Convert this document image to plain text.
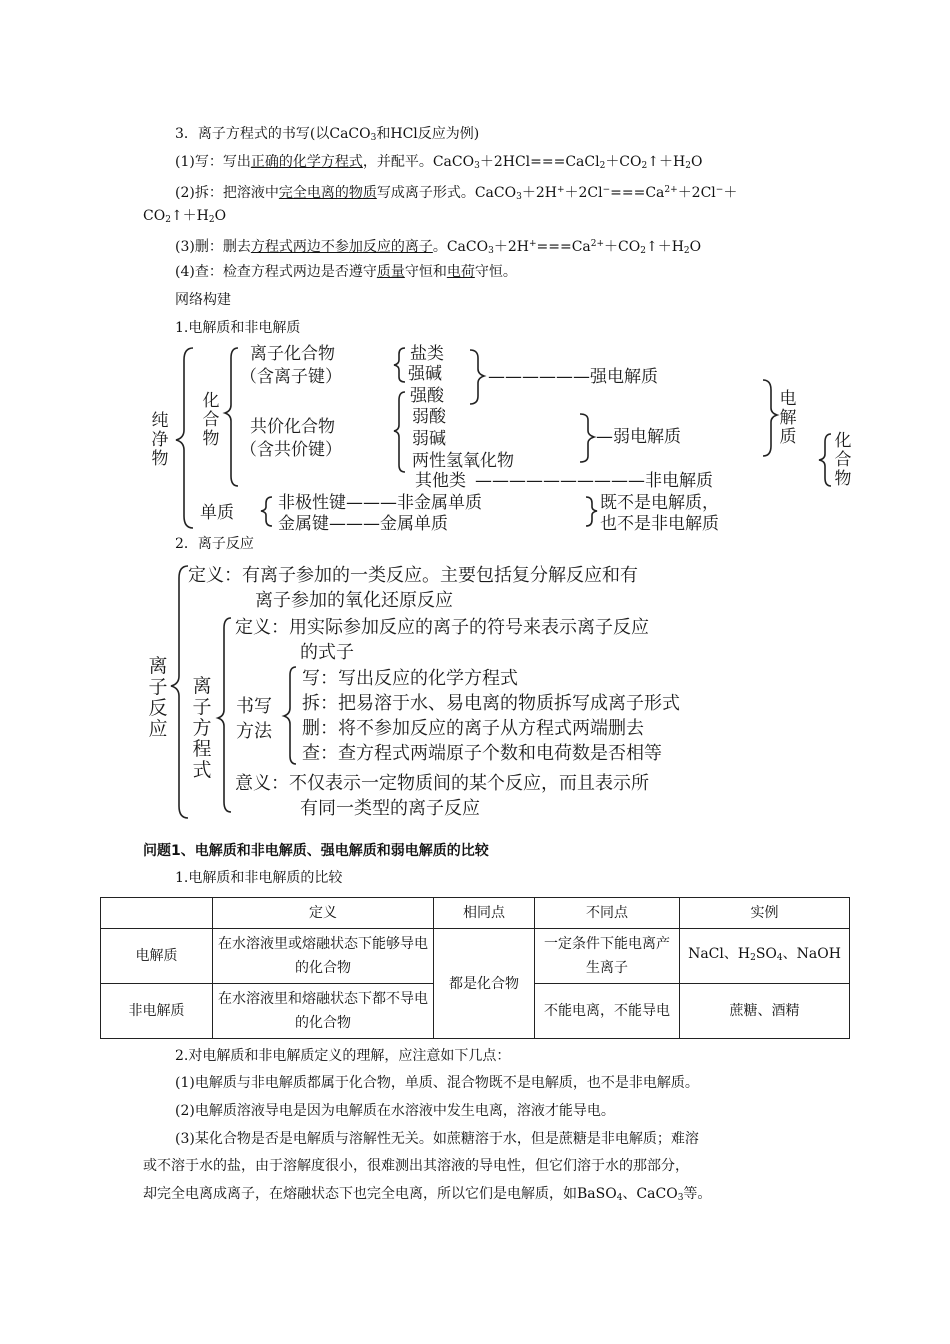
3．离子方程式的书写(以CaCO$_3$和HCl反应为例)
(1)写：写出正确的化学方程式，并配平。$CaCO_3+2HCl===CaCl_2+CO_2↑+H_2O$
(2)拆：把溶液中完全电离的物质写成离子形式。$CaCO_3+2H^++2Cl^-===Ca^{2+}+2Cl^-+$
$CO_2↑+H_2O$
(3)删：删去方程式两边不参加反应的离子。$CaCO_3+2H^+===Ca^{2+}+CO_2↑+H_2O$
(4)查：检查方程式两边是否遵守质量守恒和电荷守恒。
网络构建
1.电解质和非电解质
纯净物
化合物
离子化合物
（含离子键）
盐类
强碱	——————强电解质
强酸
共价化合物
（含共价键）
弱酸
弱碱	—弱电解质
两性氢氧化物
其他类 ——————————非电解质
电解质 化合物
单质	非极性键———非金属单质
金属键———金属单质
既不是电解质，
也不是非电解质
2．离子反应
离子反应
定义：有离子参加的一类反应。主要包括复分解反应和有
离子参加的氧化还原反应
离子方程式
定义：用实际参加反应的离子的符号来表示离子反应
的式子
书写
方法
写：写出反应的化学方程式
拆：把易溶于水、易电离的物质拆写成离子形式
删：将不参加反应的离子从方程式两端删去
查：查方程式两端原子个数和电荷数是否相等
意义：不仅表示一定物质间的某个反应，而且表示所
有同一类型的离子反应
问题1、电解质和非电解质、强电解质和弱电解质的比较
1.电解质和非电解质的比较
	定义	相同点	不同点	实例
电解质	在水溶液里或熔融状态下能够导电的化合物	都是化合物	一定条件下能电离产生离子	NaCl、$H_2SO_4$、NaOH
非电解质	在水溶液里和熔融状态下都不导电的化合物		不能电离，不能导电	蔗糖、酒精
2.对电解质和非电解质定义的理解，应注意如下几点：
(1)电解质与非电解质都属于化合物，单质、混合物既不是电解质，也不是非电解质。
(2)电解质溶液导电是因为电解质在水溶液中发生电离，溶液才能导电。
(3)某化合物是否是电解质与溶解性无关。如蔗糖溶于水，但是蔗糖是非电解质；难溶
或不溶于水的盐，由于溶解度很小，很难测出其溶液的导电性，但它们溶于水的那部分，
却完全电离成离子，在熔融状态下也完全电离，所以它们是电解质，如BaSO$_4$、CaCO$_3$等。
